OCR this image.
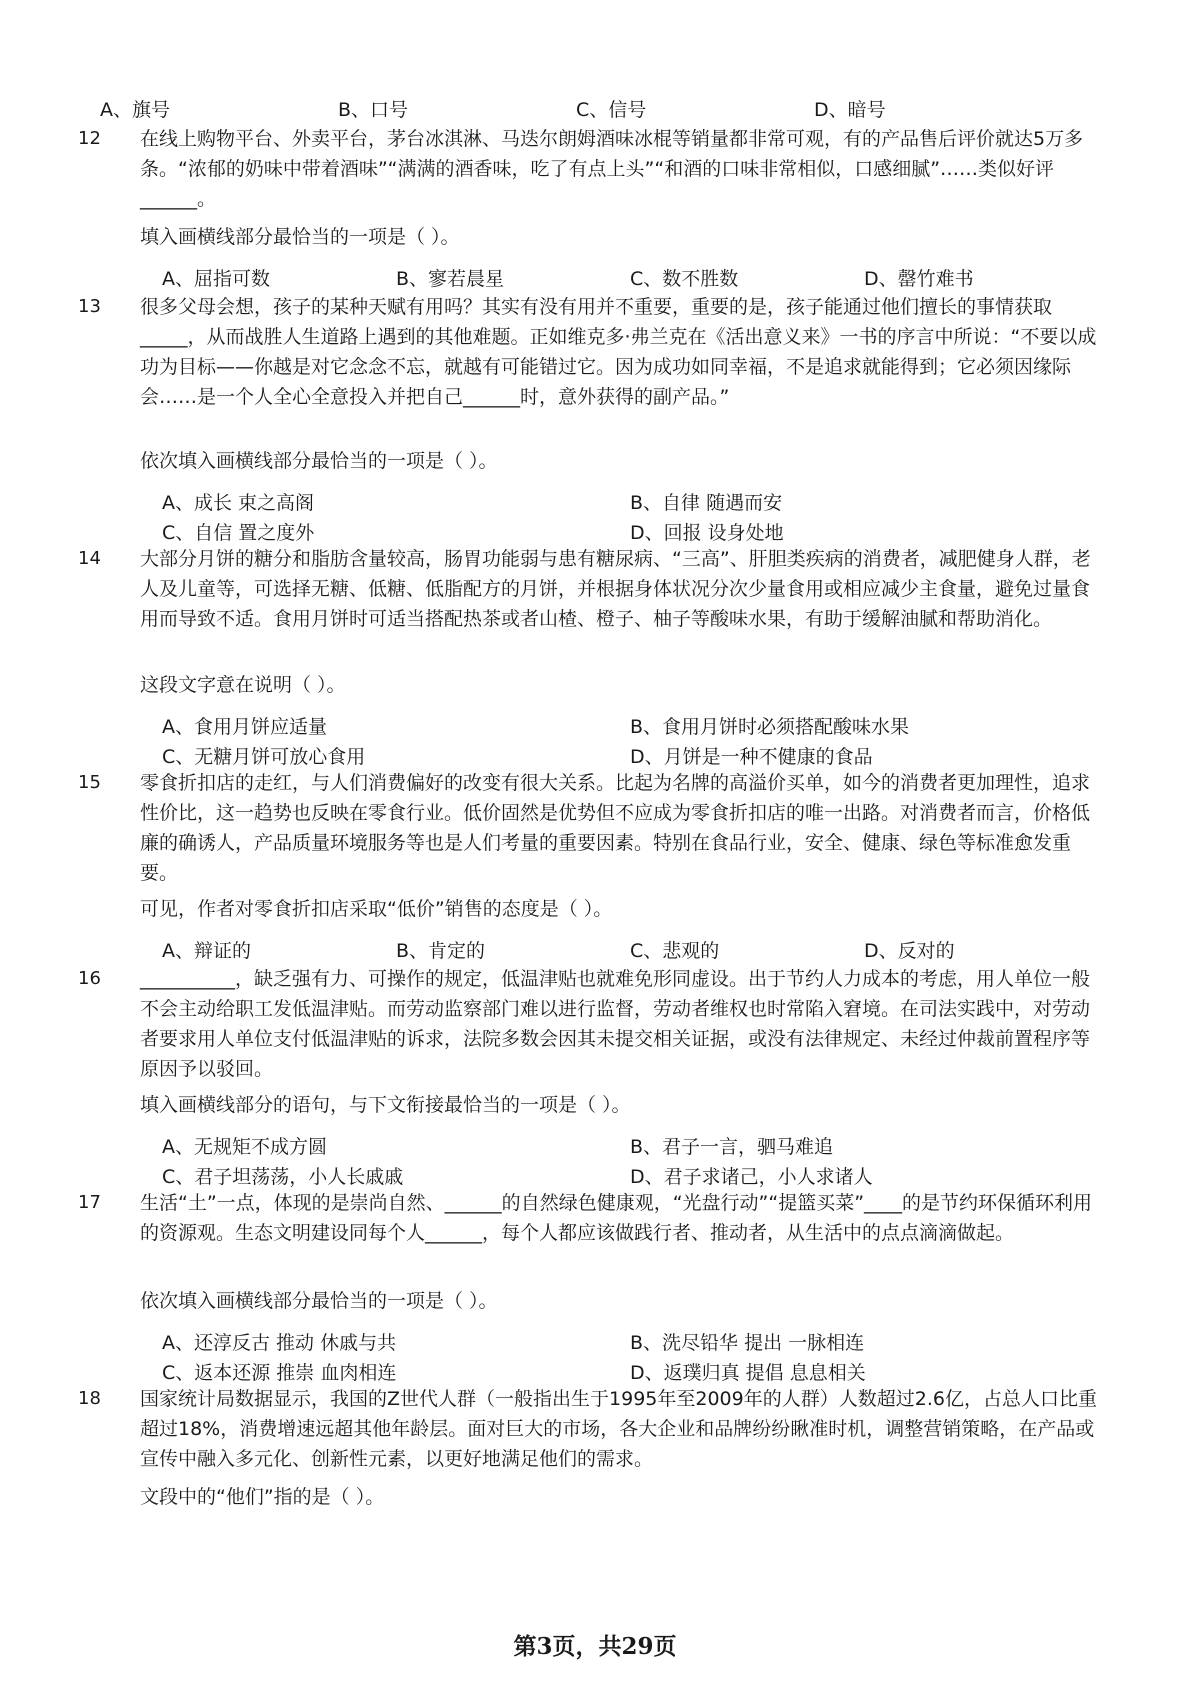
A、旗号	B、口号	C、信号	D、暗号
12	在线上购物平台、外卖平台，茅台冰淇淋、马迭尔朗姆酒味冰棍等销量都非常可观，有的产品售后评价就达5万多条。“浓郁的奶味中带着酒味”“满满的酒香味，吃了有点上头”“和酒的口味非常相似，口感细腻”……类似好评______。

填入画横线部分最恰当的一项是（ ）。

A、屈指可数	B、寥若晨星	C、数不胜数	D、罄竹难书
13	很多父母会想，孩子的某种天赋有用吗？其实有没有用并不重要，重要的是，孩子能通过他们擅长的事情获取_____，从而战胜人生道路上遇到的其他难题。正如维克多·弗兰克在《活出意义来》一书的序言中所说：“不要以成功为目标——你越是对它念念不忘，就越有可能错过它。因为成功如同幸福，不是追求就能得到；它必须因缘际会……是一个人全心全意投入并把自己______时，意外获得的副产品。”

依次填入画横线部分最恰当的一项是（ ）。

A、成长 束之高阁	B、自律 随遇而安
C、自信 置之度外	D、回报 设身处地
14	大部分月饼的糖分和脂肪含量较高，肠胃功能弱与患有糖尿病、“三高”、肝胆类疾病的消费者，减肥健身人群，老人及儿童等，可选择无糖、低糖、低脂配方的月饼，并根据身体状况分次少量食用或相应减少主食量，避免过量食用而导致不适。食用月饼时可适当搭配热茶或者山楂、橙子、柚子等酸味水果，有助于缓解油腻和帮助消化。

这段文字意在说明（ ）。

A、食用月饼应适量	B、食用月饼时必须搭配酸味水果
C、无糖月饼可放心食用	D、月饼是一种不健康的食品
15	零食折扣店的走红，与人们消费偏好的改变有很大关系。比起为名牌的高溢价买单，如今的消费者更加理性，追求性价比，这一趋势也反映在零食行业。低价固然是优势但不应成为零食折扣店的唯一出路。对消费者而言，价格低廉的确诱人，产品质量环境服务等也是人们考量的重要因素。特别在食品行业，安全、健康、绿色等标准愈发重要。

可见，作者对零食折扣店采取“低价”销售的态度是（ ）。

A、辩证的	B、肯定的	C、悲观的	D、反对的
16	__________，缺乏强有力、可操作的规定，低温津贴也就难免形同虚设。出于节约人力成本的考虑，用人单位一般不会主动给职工发低温津贴。而劳动监察部门难以进行监督，劳动者维权也时常陷入窘境。在司法实践中，对劳动者要求用人单位支付低温津贴的诉求，法院多数会因其未提交相关证据，或没有法律规定、未经过仲裁前置程序等原因予以驳回。

填入画横线部分的语句，与下文衔接最恰当的一项是（ ）。

A、无规矩不成方圆	B、君子一言，驷马难追
C、君子坦荡荡，小人长戚戚	D、君子求诸己，小人求诸人
17	生活“土”一点，体现的是崇尚自然、______的自然绿色健康观，“光盘行动”“提篮买菜”____的是节约环保循环利用的资源观。生态文明建设同每个人______，每个人都应该做践行者、推动者，从生活中的点点滴滴做起。

依次填入画横线部分最恰当的一项是（ ）。

A、还淳反古 推动 休戚与共	B、洗尽铅华 提出 一脉相连
C、返本还源 推崇 血肉相连	D、返璞归真 提倡 息息相关
18	国家统计局数据显示，我国的Z世代人群（一般指出生于1995年至2009年的人群）人数超过2.6亿，占总人口比重超过18%，消费增速远超其他年龄层。面对巨大的市场，各大企业和品牌纷纷瞅准时机，调整营销策略，在产品或宣传中融入多元化、创新性元素，以更好地满足他们的需求。

文段中的“他们”指的是（ ）。

第3页，共29页
